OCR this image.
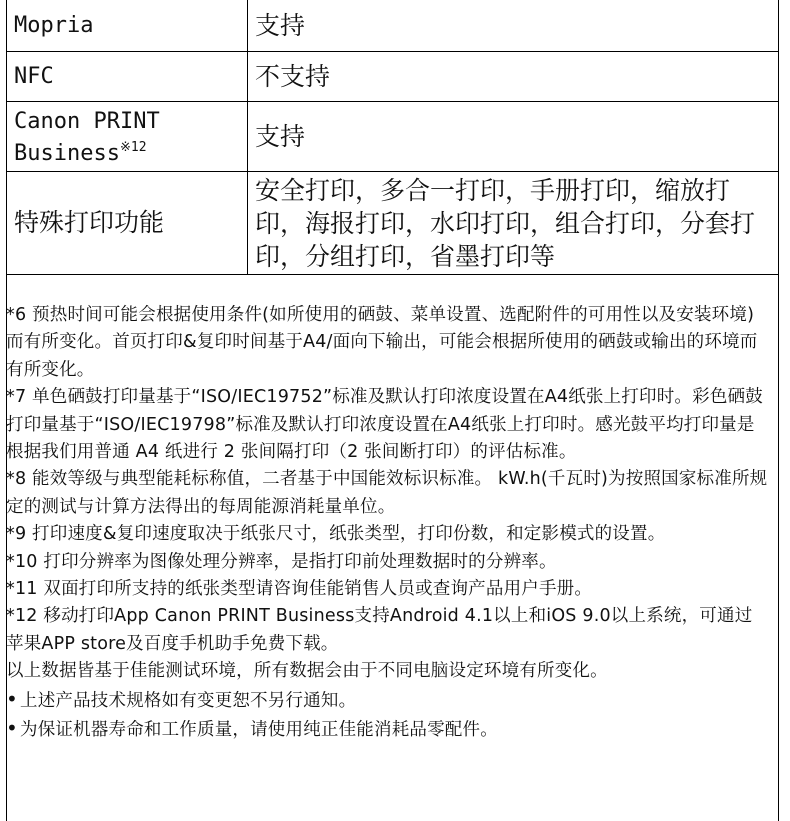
Mopria	支持
NFC	不支持

Canon PRINT
Business$^{※12}$	支持
特殊打印功能	安全打印，多合一打印，手册打印，缩放打印，海报打印，水印打印，组合打印，分套打印，分组打印，省墨打印等

*6 预热时间可能会根据使用条件(如所使用的硒鼓、菜单设置、选配附件的可用性以及安装环境)而有所变化。首页打印&复印时间基于A4/面向下输出，可能会根据所使用的硒鼓或输出的环境而有所变化。

*7 单色硒鼓打印量基于“ISO/IEC19752”标准及默认打印浓度设置在A4纸张上打印时。彩色硒鼓打印量基于“ISO/IEC19798”标准及默认打印浓度设置在A4纸张上打印时。感光鼓平均打印量是根据我们用普通 A4 纸进行 2 张间隔打印（2 张间断打印）的评估标准。

*8 能效等级与典型能耗标称值，二者基于中国能效标识标准。 kW.h(千瓦时)为按照国家标准所规定的测试与计算方法得出的每周能源消耗量单位。

*9 打印速度&复印速度取决于纸张尺寸，纸张类型，打印份数，和定影模式的设置。

*10 打印分辨率为图像处理分辨率，是指打印前处理数据时的分辨率。

*11 双面打印所支持的纸张类型请咨询佳能销售人员或查询产品用户手册。

*12 移动打印App Canon PRINT Business支持Android 4.1以上和iOS 9.0以上系统，可通过苹果APP store及百度手机助手免费下载。

以上数据皆基于佳能测试环境，所有数据会由于不同电脑设定环境有所变化。

• 上述产品技术规格如有变更恕不另行通知。

• 为保证机器寿命和工作质量，请使用纯正佳能消耗品零配件。
